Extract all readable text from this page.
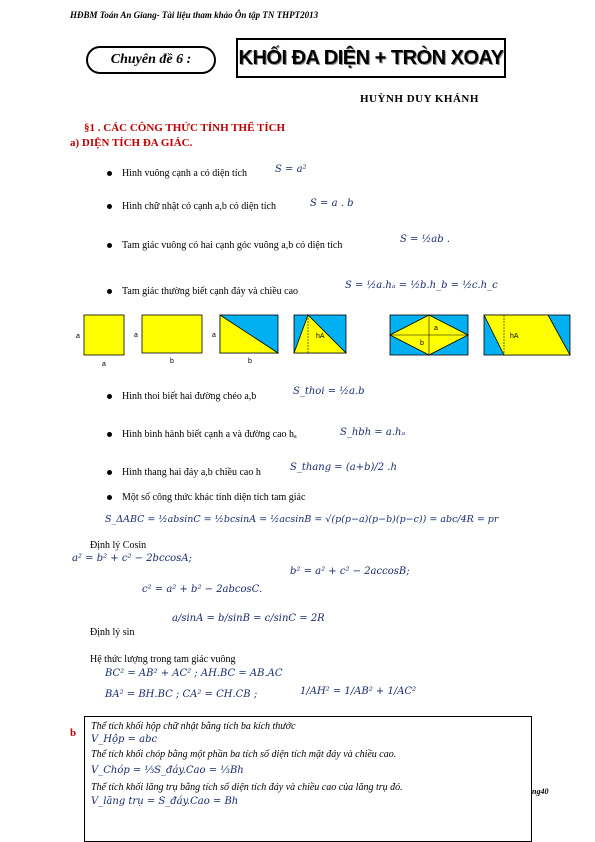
HĐBM Toán An Giang- Tài liệu tham khảo Ôn tập TN THPT2013
Chuyên đề 6 :	KHỐI ĐA DIỆN + TRÒN XOAY
HUỲNH DUY KHÁNH
§1 . CÁC CÔNG THỨC TÍNH THỂ TÍCH
a) DIỆN TÍCH ĐA GIÁC.
Hình vuông cạnh a có diện tích	S = a²
Hình chữ nhật có cạnh a,b có diện tích	S = a . b
Tam giác vuông có hai cạnh góc vuông a,b có diện tích
S = ½ab .
Tam giác thường biết cạnh đáy và chiều cao
S = ½a.hₐ = ½b.h_b = ½c.h_c
a
a
a
b
a
b
hA
a
b
hA
Hình thoi biết hai đường chéo a,b	S_thoi = ½a.b
Hình bình hành biết cạnh a và đường cao hₐ	S_hbh = a.hₐ
Hình thang hai đáy a,b chiều cao h	S_thang = (a+b)/2 .h
Một số công thức khác tính diện tích tam giác
S_ΔABC = ½absinC = ½bcsinA = ½acsinB = √(p(p−a)(p−b)(p−c)) = abc/4R = pr
Định lý Cosin
a² = b² + c² − 2bccosA;
b² = a² + c² − 2accosB;
c² = a² + b² − 2abcosC.
Định lý sin
a/sinA = b/sinB = c/sinC = 2R
Hệ thức lượng trong tam giác vuông
BC² = AB² + AC² ; AH.BC = AB.AC
BA² = BH.BC ; CA² = CH.CB ;	1/AH² = 1/AB² + 1/AC²
b
Thể tích khối hộp chữ nhật bằng tích ba kích thước
V_Hộp = abc
Thể tích khối chóp bằng một phần ba tích số diện tích mặt đáy và chiều cao.
V_Chóp = ⅓S_đáy.Cao = ⅓Bh
Thể tích khối lăng trụ bằng tích số diện tích đáy và chiều cao của lăng trụ đó.
V_lăng trụ = S_đáy.Cao = Bh
ng40
